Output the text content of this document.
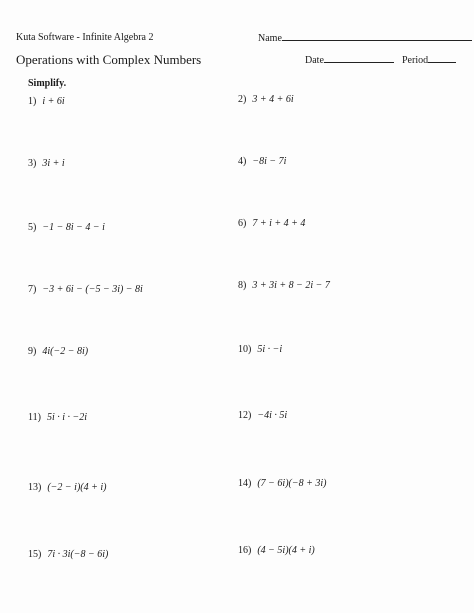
Kuta Software - Infinite Algebra 2	Name
Operations with Complex Numbers	Date	Period
Simplify.
1) i + 6i
3) 3i + i
5) −1 − 8i − 4 − i
7) −3 + 6i − (−5 − 3i) − 8i
9) 4i(−2 − 8i)
11) 5i · i · −2i
13) (−2 − i)(4 + i)
15) 7i · 3i(−8 − 6i)
2) 3 + 4 + 6i
4) −8i − 7i
6) 7 + i + 4 + 4
8) 3 + 3i + 8 − 2i − 7
10) 5i · −i
12) −4i · 5i
14) (7 − 6i)(−8 + 3i)
16) (4 − 5i)(4 + i)
